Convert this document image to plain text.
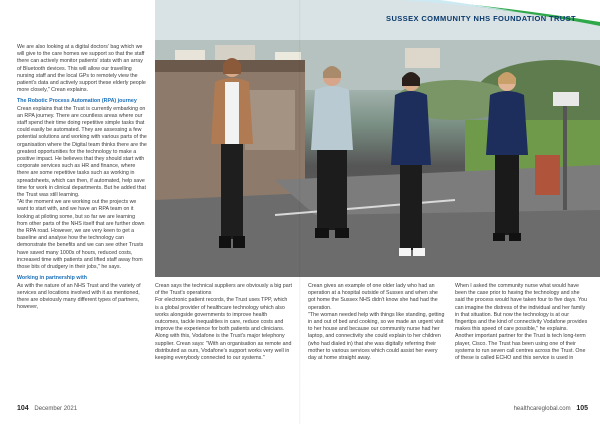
SUSSEX COMMUNITY NHS FOUNDATION TRUST

We are also looking at a digital doctors' bag which we will give to the care homes we support so that the staff there can actively monitor patients' stats with an array of Bluetooth devices. This will allow our travelling nursing staff and the local GPs to remotely view the patient's data and actively support these elderly people more closely," Crean explains.

The Robotic Process Automation (RPA) journey

Crean explains that the Trust is currently embarking on an RPA journey. There are countless areas where our staff spend their time doing repetitive simple tasks that could easily be automated. They are assessing a few potential solutions and working with various parts of the organisation where the Digital team thinks there are the greatest opportunities for the technology to make a positive impact. He believes that they should start with corporate services such as HR and finance, where there are some repetitive tasks such as working in spreadsheets, which can then, if automated, help save time for work in clinical departments. But he added that the Trust was still learning.

"At the moment we are working out the projects we want to start with, and we have an RPA team on it looking at piloting some, but so far we are learning from other parts of the NHS itself that are further down the RPA road. However, we are very keen to get a baseline and analyse how the technology can demonstrate the benefits and we can see other Trusts have saved many 1000s of hours, reduced costs, increased time with patients and lifted staff away from those bits of drudgery in their jobs," he says.

Working in partnership with

As with the nature of an NHS Trust and the variety of services and locations involved with it as mentioned, there are obviously many different types of partners, however,

Crean says the technical suppliers are obviously a big part of the Trust's operations

For electronic patient records, the Trust uses TPP, which is a global provider of healthcare technology which also works alongside governments to improve health outcomes, tackle inequalities in care, reduce costs and improve the experience for both patients and clinicians.

Along with this, Vodafone is the Trust's major telephony supplier. Crean says: "With an organisation as remote and distributed as ours, Vodafone's support works very well in keeping everybody connected to our systems."

Crean gives an example of one older lady who had an operation at a hospital outside of Sussex and when she got home the Sussex NHS didn't know she had had the operation.

"The woman needed help with things like standing, getting in and out of bed and cooking, so we made an urgent visit to her house and because our community nurse had her laptop, and connectivity she could explain to her children (who had dialed in) that she was digitally referring their mother to various services which could assist her every day at home straight away.

When I asked the community nurse what would have been the case prior to having the technology and she said the process would have taken four to five days. You can imagine the distress of the individual and her family in that situation. But now the technology is at our fingertips and the kind of connectivity Vodafone provides makes this speed of care possible," he explains.

Another important partner for the Trust is tech long-term player, Cisco. The Trust has been using one of their systems to run seven call centres across the Trust. One of these is called ECHO and this service is used in

104 December 2021	healthcareglobal.com 105
